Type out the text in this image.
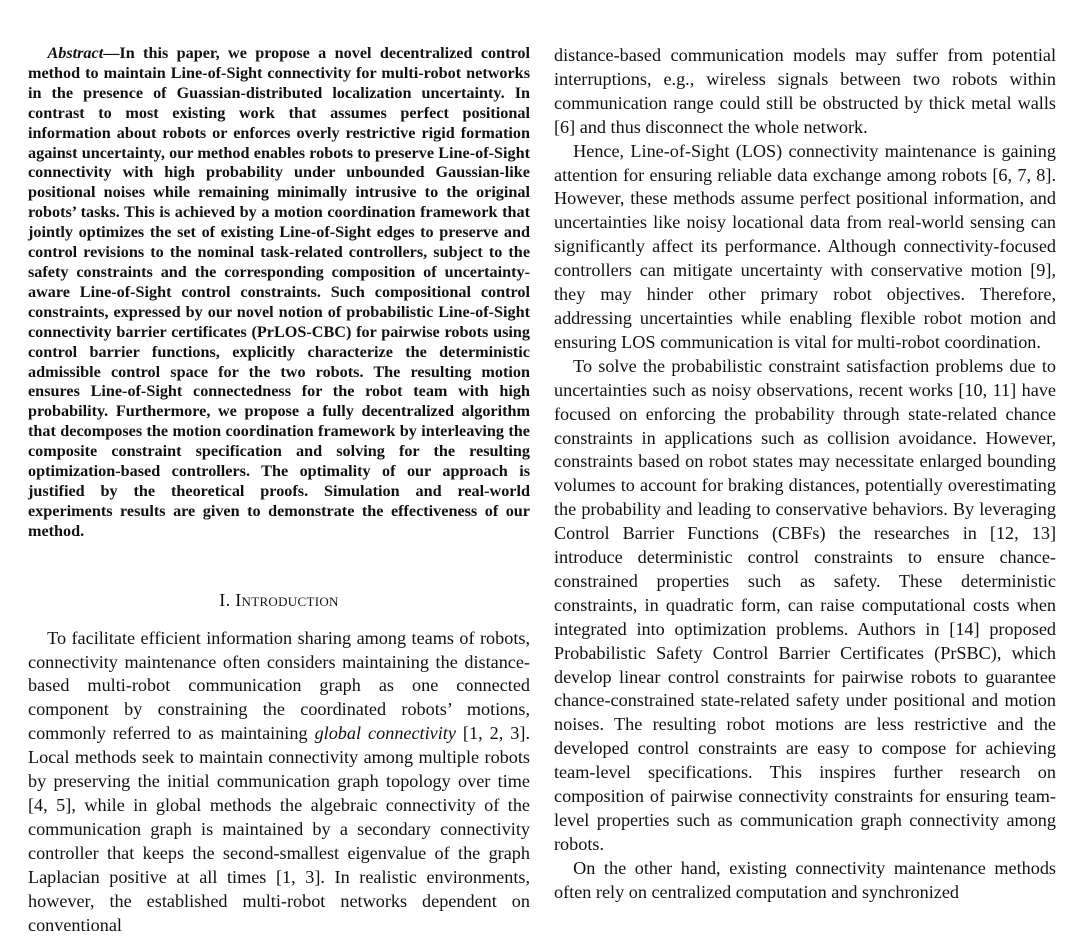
Abstract—In this paper, we propose a novel decentralized control method to maintain Line-of-Sight connectivity for multi-robot networks in the presence of Guassian-distributed localization uncertainty. In contrast to most existing work that assumes perfect positional information about robots or enforces overly restrictive rigid formation against uncertainty, our method enables robots to preserve Line-of-Sight connectivity with high probability under unbounded Gaussian-like positional noises while remaining minimally intrusive to the original robots’ tasks. This is achieved by a motion coordination framework that jointly optimizes the set of existing Line-of-Sight edges to preserve and control revisions to the nominal task-related controllers, subject to the safety constraints and the corresponding composition of uncertainty-aware Line-of-Sight control constraints. Such compositional control constraints, expressed by our novel notion of probabilistic Line-of-Sight connectivity barrier certificates (PrLOS-CBC) for pairwise robots using control barrier functions, explicitly characterize the deterministic admissible control space for the two robots. The resulting motion ensures Line-of-Sight connectedness for the robot team with high probability. Furthermore, we propose a fully decentralized algorithm that decomposes the motion coordination framework by interleaving the composite constraint specification and solving for the resulting optimization-based controllers. The optimality of our approach is justified by the theoretical proofs. Simulation and real-world experiments results are given to demonstrate the effectiveness of our method.

I. Introduction

To facilitate efficient information sharing among teams of robots, connectivity maintenance often considers maintaining the distance-based multi-robot communication graph as one connected component by constraining the coordinated robots’ motions, commonly referred to as maintaining global connectivity [1, 2, 3]. Local methods seek to maintain connectivity among multiple robots by preserving the initial communication graph topology over time [4, 5], while in global methods the algebraic connectivity of the communication graph is maintained by a secondary connectivity controller that keeps the second-smallest eigenvalue of the graph Laplacian positive at all times [1, 3]. In realistic environments, however, the established multi-robot networks dependent on conventional

distance-based communication models may suffer from potential interruptions, e.g., wireless signals between two robots within communication range could still be obstructed by thick metal walls [6] and thus disconnect the whole network.

Hence, Line-of-Sight (LOS) connectivity maintenance is gaining attention for ensuring reliable data exchange among robots [6, 7, 8]. However, these methods assume perfect positional information, and uncertainties like noisy locational data from real-world sensing can significantly affect its performance. Although connectivity-focused controllers can mitigate uncertainty with conservative motion [9], they may hinder other primary robot objectives. Therefore, addressing uncertainties while enabling flexible robot motion and ensuring LOS communication is vital for multi-robot coordination.

To solve the probabilistic constraint satisfaction problems due to uncertainties such as noisy observations, recent works [10, 11] have focused on enforcing the probability through state-related chance constraints in applications such as collision avoidance. However, constraints based on robot states may necessitate enlarged bounding volumes to account for braking distances, potentially overestimating the probability and leading to conservative behaviors. By leveraging Control Barrier Functions (CBFs) the researches in [12, 13] introduce deterministic control constraints to ensure chance-constrained properties such as safety. These deterministic constraints, in quadratic form, can raise computational costs when integrated into optimization problems. Authors in [14] proposed Probabilistic Safety Control Barrier Certificates (PrSBC), which develop linear control constraints for pairwise robots to guarantee chance-constrained state-related safety under positional and motion noises. The resulting robot motions are less restrictive and the developed control constraints are easy to compose for achieving team-level specifications. This inspires further research on composition of pairwise connectivity constraints for ensuring team-level properties such as communication graph connectivity among robots.

On the other hand, existing connectivity maintenance methods often rely on centralized computation and synchronized
